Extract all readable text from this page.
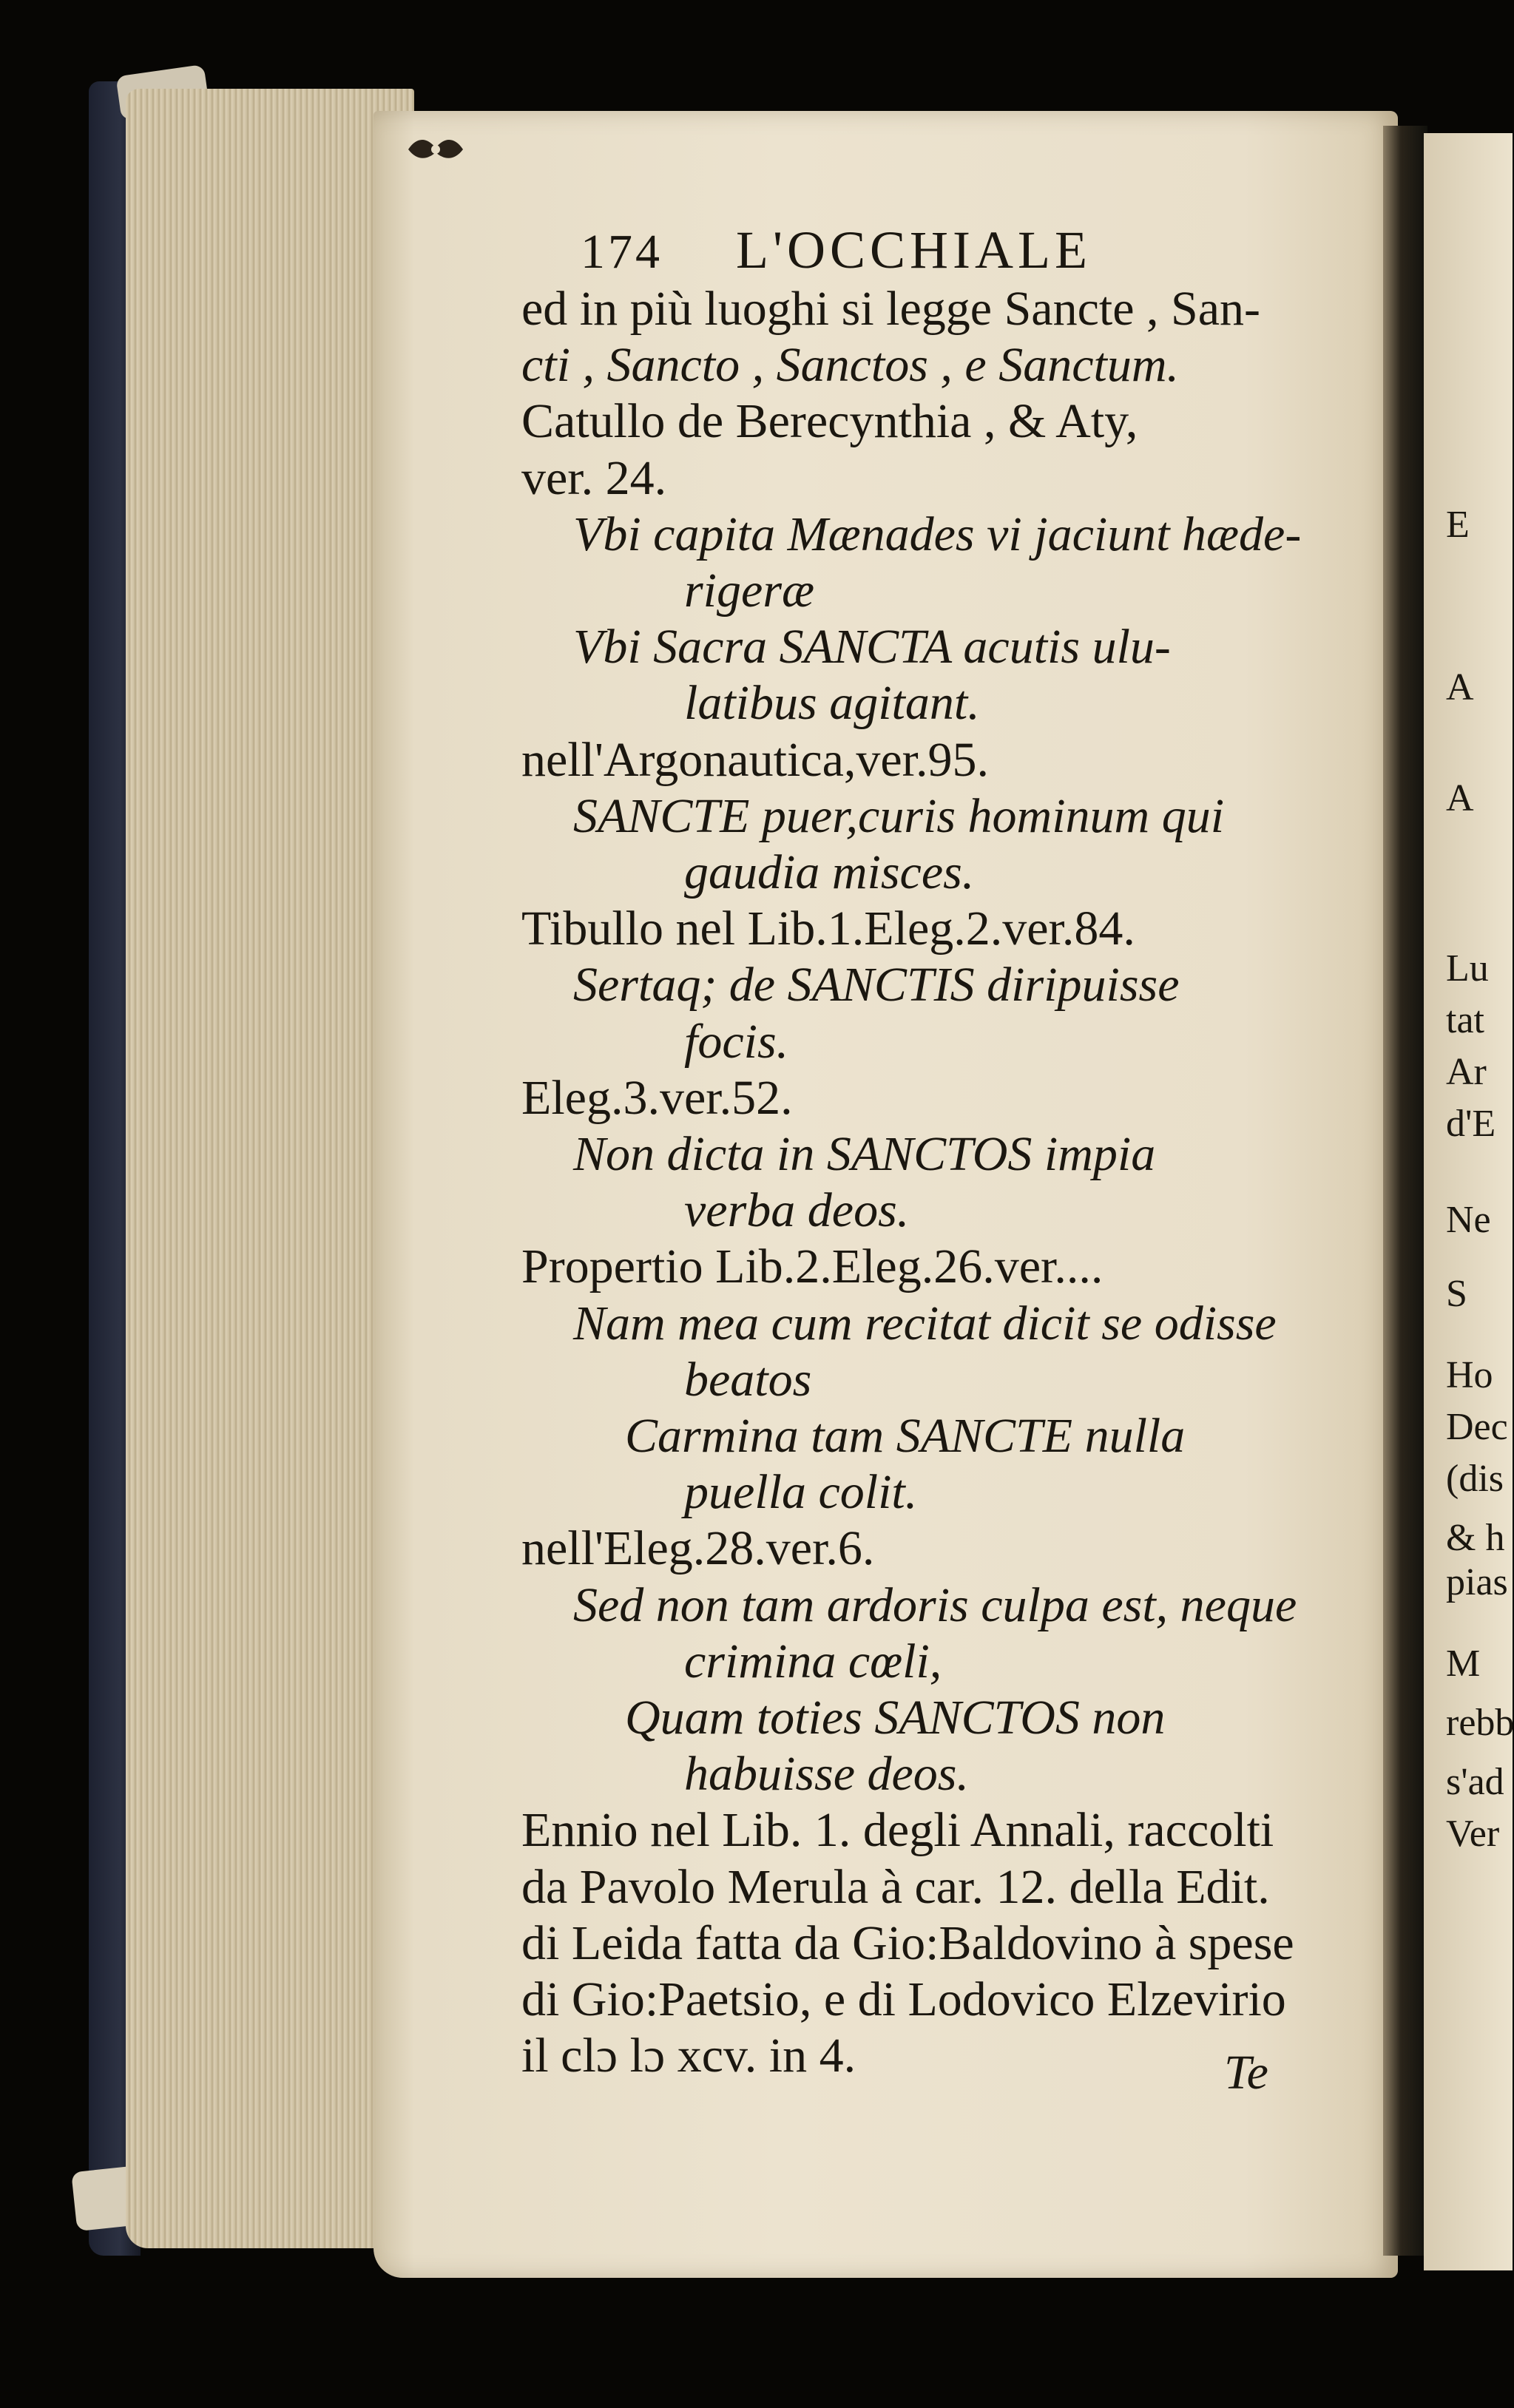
174 L'OCCHIALE
ed in più luoghi si legge Sancte , San-
cti , Sancto , Sanctos , e Sanctum.
Catullo de Berecynthia , & Aty,
ver. 24.
Vbi capita Mænades vi jaciunt hæde-
rigeræ
Vbi Sacra SANCTA acutis ulu-
latibus agitant.
nell'Argonautica,ver.95.
SANCTE puer,curis hominum qui
gaudia misces.
Tibullo nel Lib.1.Eleg.2.ver.84.
Sertaq; de SANCTIS diripuisse
focis.
Eleg.3.ver.52.
Non dicta in SANCTOS impia
verba deos.
Propertio Lib.2.Eleg.26.ver....
Nam mea cum recitat dicit se odisse
beatos
Carmina tam SANCTE nulla
puella colit.
nell'Eleg.28.ver.6.
Sed non tam ardoris culpa est, neque
crimina cœli,
Quam toties SANCTOS non
habuisse deos.
Ennio nel Lib. 1. degli Annali, raccolti
da Pavolo Merula à car. 12. della Edit.
di Leida fatta da Gio:Baldovino à spese
di Gio:Paetsio, e di Lodovico Elzevirio
il clɔ lɔ xcv. in 4.	Te
E
A
A
Lu
tat
Ar
d'E
Ne
S
Ho
Dec
(dis
& h
pias
M
rebb
s'ad
Ver
